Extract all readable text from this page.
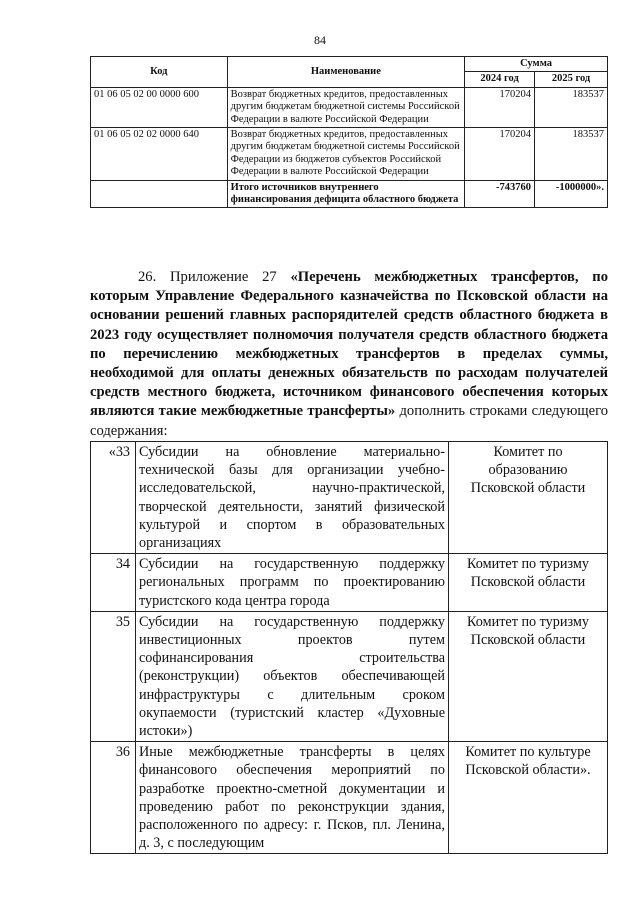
84
Код	Наименование	Сумма	
		2024 год	2025 год
01 06 05 02 00 0000 600	Возврат бюджетных кредитов, предоставленных другим бюджетам бюджетной системы Российской Федерации в валюте Российской Федерации	170204	183537
01 06 05 02 02 0000 640	Возврат бюджетных кредитов, предоставленных другим бюджетам бюджетной системы Российской Федерации из бюджетов субъектов Российской Федерации в валюте Российской Федерации	170204	183537
	Итого источников внутреннего финансирования дефицита областного бюджета	-743760	-1000000».
26. Приложение 27 «Перечень межбюджетных трансфертов, по которым Управление Федерального казначейства по Псковской области на основании решений главных распорядителей средств областного бюджета в 2023 году осуществляет полномочия получателя средств областного бюджета по перечислению межбюджетных трансфертов в пределах суммы, необходимой для оплаты денежных обязательств по расходам получателей средств местного бюджета, источником финансового обеспечения которых являются такие межбюджетные трансферты» дополнить строками следующего содержания:
«33	Субсидии на обновление материально-технической базы для организации учебно-исследовательской, научно-практической, творческой деятельности, занятий физической культурой и спортом в образовательных организациях	Комитет по образованию Псковской области
34	Субсидии на государственную поддержку региональных программ по проектированию туристского кода центра города	Комитет по туризму Псковской области
35	Субсидии на государственную поддержку инвестиционных проектов путем софинансирования строительства (реконструкции) объектов обеспечивающей инфраструктуры с длительным сроком окупаемости (туристский кластер «Духовные истоки»)	Комитет по туризму Псковской области
36	Иные межбюджетные трансферты в целях финансового обеспечения мероприятий по разработке проектно-сметной документации и проведению работ по реконструкции здания, расположенного по адресу: г. Псков, пл. Ленина, д. 3, с последующим	Комитет по культуре Псковской области».
